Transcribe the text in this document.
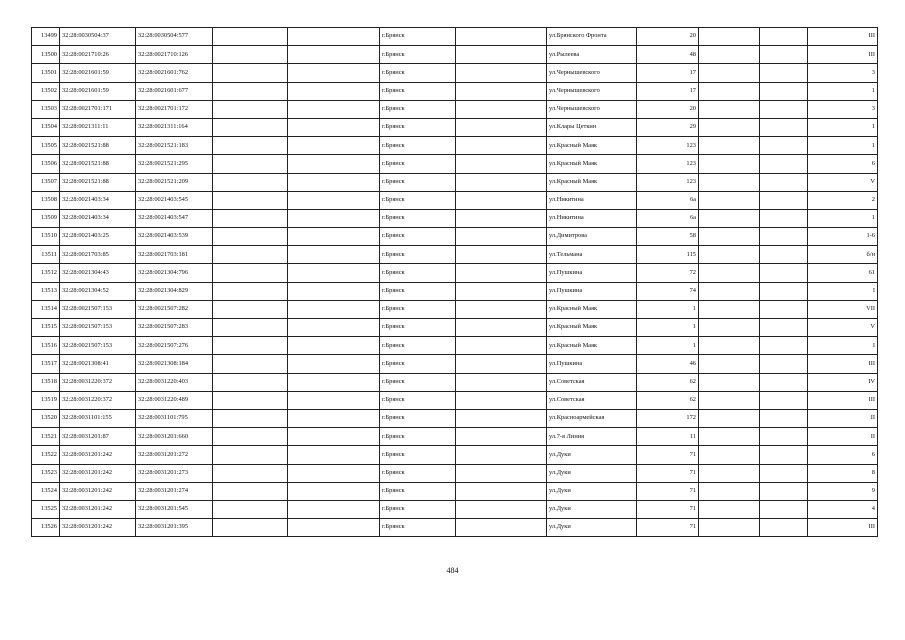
13499	32:28:0030504:37	32:28:0030504:577			г.Брянск		ул.Брянского Фронта	20			III
13500	32:28:0021710:26	32:28:0021710:126			г.Брянск		ул.Рылеева	48			III
13501	32:28:0021601:59	32:28:0021601:762			г.Брянск		ул.Чернышевского	17			3
13502	32:28:0021601:59	32:28:0021601:677			г.Брянск		ул.Чернышевского	17			1
13503	32:28:0021701:171	32:28:0021701:172			г.Брянск		ул.Чернышевского	20			3
13504	32:28:0021311:11	32:28:0021311:164			г.Брянск		ул.Клары Цеткин	29			1
13505	32:28:0021521:88	32:28:0021521:183			г.Брянск		ул.Красный Маяк	123			1
13506	32:28:0021521:88	32:28:0021521:295			г.Брянск		ул.Красный Маяк	123			6
13507	32:28:0021521:88	32:28:0021521:209			г.Брянск		ул.Красный Маяк	123			V
13508	32:28:0021403:34	32:28:0021403:545			г.Брянск		ул.Никитина	6а			2
13509	32:28:0021403:34	32:28:0021403:547			г.Брянск		ул.Никитина	6а			1
13510	32:28:0021403:25	32:28:0021403:539			г.Брянск		ул.Димитрова	58			1-6
13511	32:28:0021703:85	32:28:0021703:181			г.Брянск		ул.Тельмана	115			б/н
13512	32:28:0021304:43	32:28:0021304:796			г.Брянск		ул.Пушкина	72			61
13513	32:28:0021304:52	32:28:0021304:829			г.Брянск		ул.Пушкина	74			I
13514	32:28:0021507:153	32:28:0021507:282			г.Брянск		ул.Красный Маяк	1			VII
13515	32:28:0021507:153	32:28:0021507:283			г.Брянск		ул.Красный Маяк	1			V
13516	32:28:0021507:153	32:28:0021507:276			г.Брянск		ул.Красный Маяк	1			I
13517	32:28:0021308:41	32:28:0021308:184			г.Брянск		ул.Пушкина	46			III
13518	32:28:0031220:372	32:28:0031220:403			г.Брянск		ул.Советская	62			IV
13519	32:28:0031220:372	32:28:0031220:489			г.Брянск		ул.Советская	62			III
13520	32:28:0031101:155	32:28:0031101:795			г.Брянск		ул.Красноармейская	172			II
13521	32:28:0031201:87	32:28:0031201:660			г.Брянск		ул.7-я Линия	11			II
13522	32:28:0031201:242	32:28:0031201:272			г.Брянск		ул.Дуки	71			6
13523	32:28:0031201:242	32:28:0031201:273			г.Брянск		ул.Дуки	71			8
13524	32:28:0031201:242	32:28:0031201:274			г.Брянск		ул.Дуки	71			9
13525	32:28:0031201:242	32:28:0031201:545			г.Брянск		ул.Дуки	71			4
13526	32:28:0031201:242	32:28:0031201:395			г.Брянск		ул.Дуки	71			III
484
